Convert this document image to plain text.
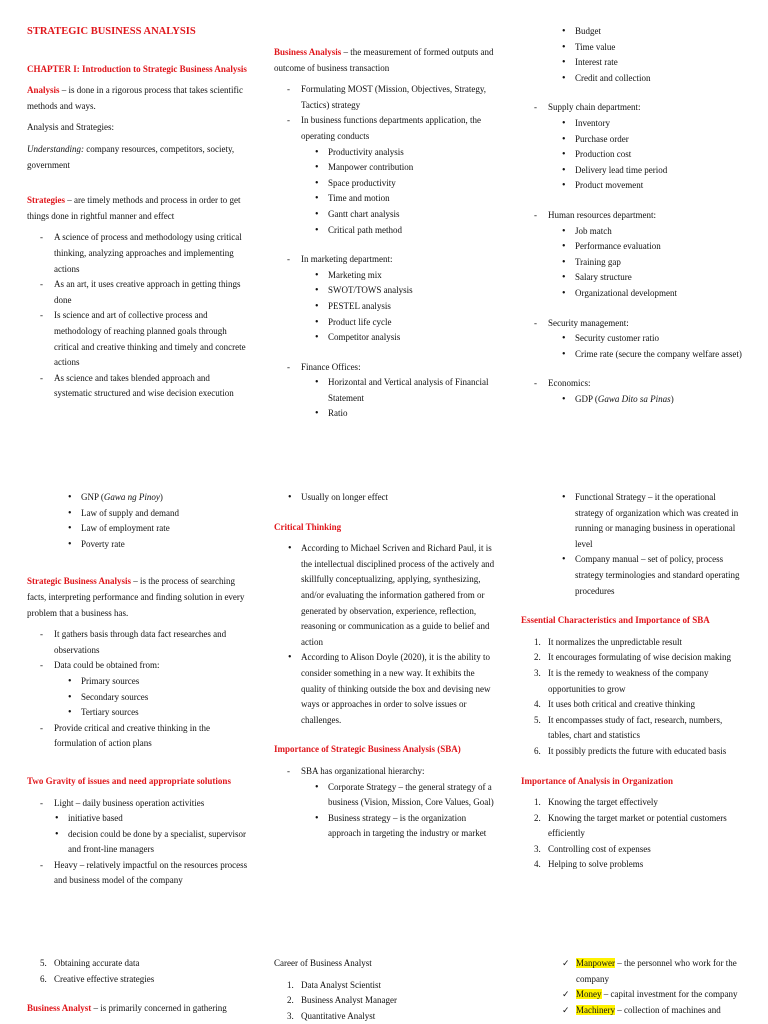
STRATEGIC BUSINESS ANALYSIS

CHAPTER I: Introduction to Strategic Business Analysis

Analysis – is done in a rigorous process that takes scientific methods and ways.

Analysis and Strategies:

Understanding: company resources, competitors, society, government

Strategies – are timely methods and process in order to get things done in rightful manner and effect

- A science of process and methodology using critical thinking, analyzing approaches and implementing actions
- As an art, it uses creative approach in getting things done
- Is science and art of collective process and methodology of reaching planned goals through critical and creative thinking and timely and concrete actions
- As science and takes blended approach and systematic structured and wise decision execution

Business Analysis – the measurement of formed outputs and outcome of business transaction

- Formulating MOST (Mission, Objectives, Strategy, Tactics) strategy
- In business functions departments application, the operating conducts
• Productivity analysis
• Manpower contribution
• Space productivity
• Time and motion
• Gantt chart analysis
• Critical path method
- In marketing department:
• Marketing mix
• SWOT/TOWS analysis
• PESTEL analysis
• Product life cycle
• Competitor analysis
- Finance Offices:
• Horizontal and Vertical analysis of Financial Statement
• Ratio
• Budget
• Time value
• Interest rate
• Credit and collection
- Supply chain department:
• Inventory
• Purchase order
• Production cost
• Delivery lead time period
• Product movement
- Human resources department:
• Job match
• Performance evaluation
• Training gap
• Salary structure
• Organizational development
- Security management:
• Security customer ratio
• Crime rate (secure the company welfare asset)
- Economics:
• GDP (Gawa Dito sa Pinas)
• GNP (Gawa ng Pinoy)
• Law of supply and demand
• Law of employment rate
• Poverty rate

Strategic Business Analysis – is the process of searching facts, interpreting performance and finding solution in every problem that a business has.

- It gathers basis through data fact researches and observations
- Data could be obtained from:
• Primary sources
• Secondary sources
• Tertiary sources
- Provide critical and creative thinking in the formulation of action plans

Two Gravity of issues and need appropriate solutions

- Light – daily business operation activities
• initiative based
• decision could be done by a specialist, supervisor and front-line managers
- Heavy – relatively impactful on the resources process and business model of the company
• Usually on longer effect

Critical Thinking

• According to Michael Scriven and Richard Paul, it is the intellectual disciplined process of the actively and skillfully conceptualizing, applying, synthesizing, and/or evaluating the information gathered from or generated by observation, experience, reflection, reasoning or communication as a guide to belief and action
• According to Alison Doyle (2020), it is the ability to consider something in a new way. It exhibits the quality of thinking outside the box and devising new ways or approaches in order to solve issues or challenges.

Importance of Strategic Business Analysis (SBA)

- SBA has organizational hierarchy:
• Corporate Strategy – the general strategy of a business (Vision, Mission, Core Values, Goal)
• Business strategy – is the organization approach in targeting the industry or market
• Functional Strategy – it the operational strategy of organization which was created in running or managing business in operational level
• Company manual – set of policy, process strategy terminologies and standard operating procedures

Essential Characteristics and Importance of SBA

1. It normalizes the unpredictable result
2. It encourages formulating of wise decision making
3. It is the remedy to weakness of the company opportunities to grow
4. It uses both critical and creative thinking
5. It encompasses study of fact, research, numbers, tables, chart and statistics
6. It possibly predicts the future with educated basis

Importance of Analysis in Organization

1. Knowing the target effectively
2. Knowing the target market or potential customers efficiently
3. Controlling cost of expenses
4. Helping to solve problems
5. Obtaining accurate data
6. Creative effective strategies

Business Analyst – is primarily concerned in gathering

Career of Business Analyst

1. Data Analyst Scientist
2. Business Analyst Manager
3. Quantitative Analyst
✓ Manpower – the personnel who work for the company
✓ Money – capital investment for the company
✓ Machinery – collection of machines and
